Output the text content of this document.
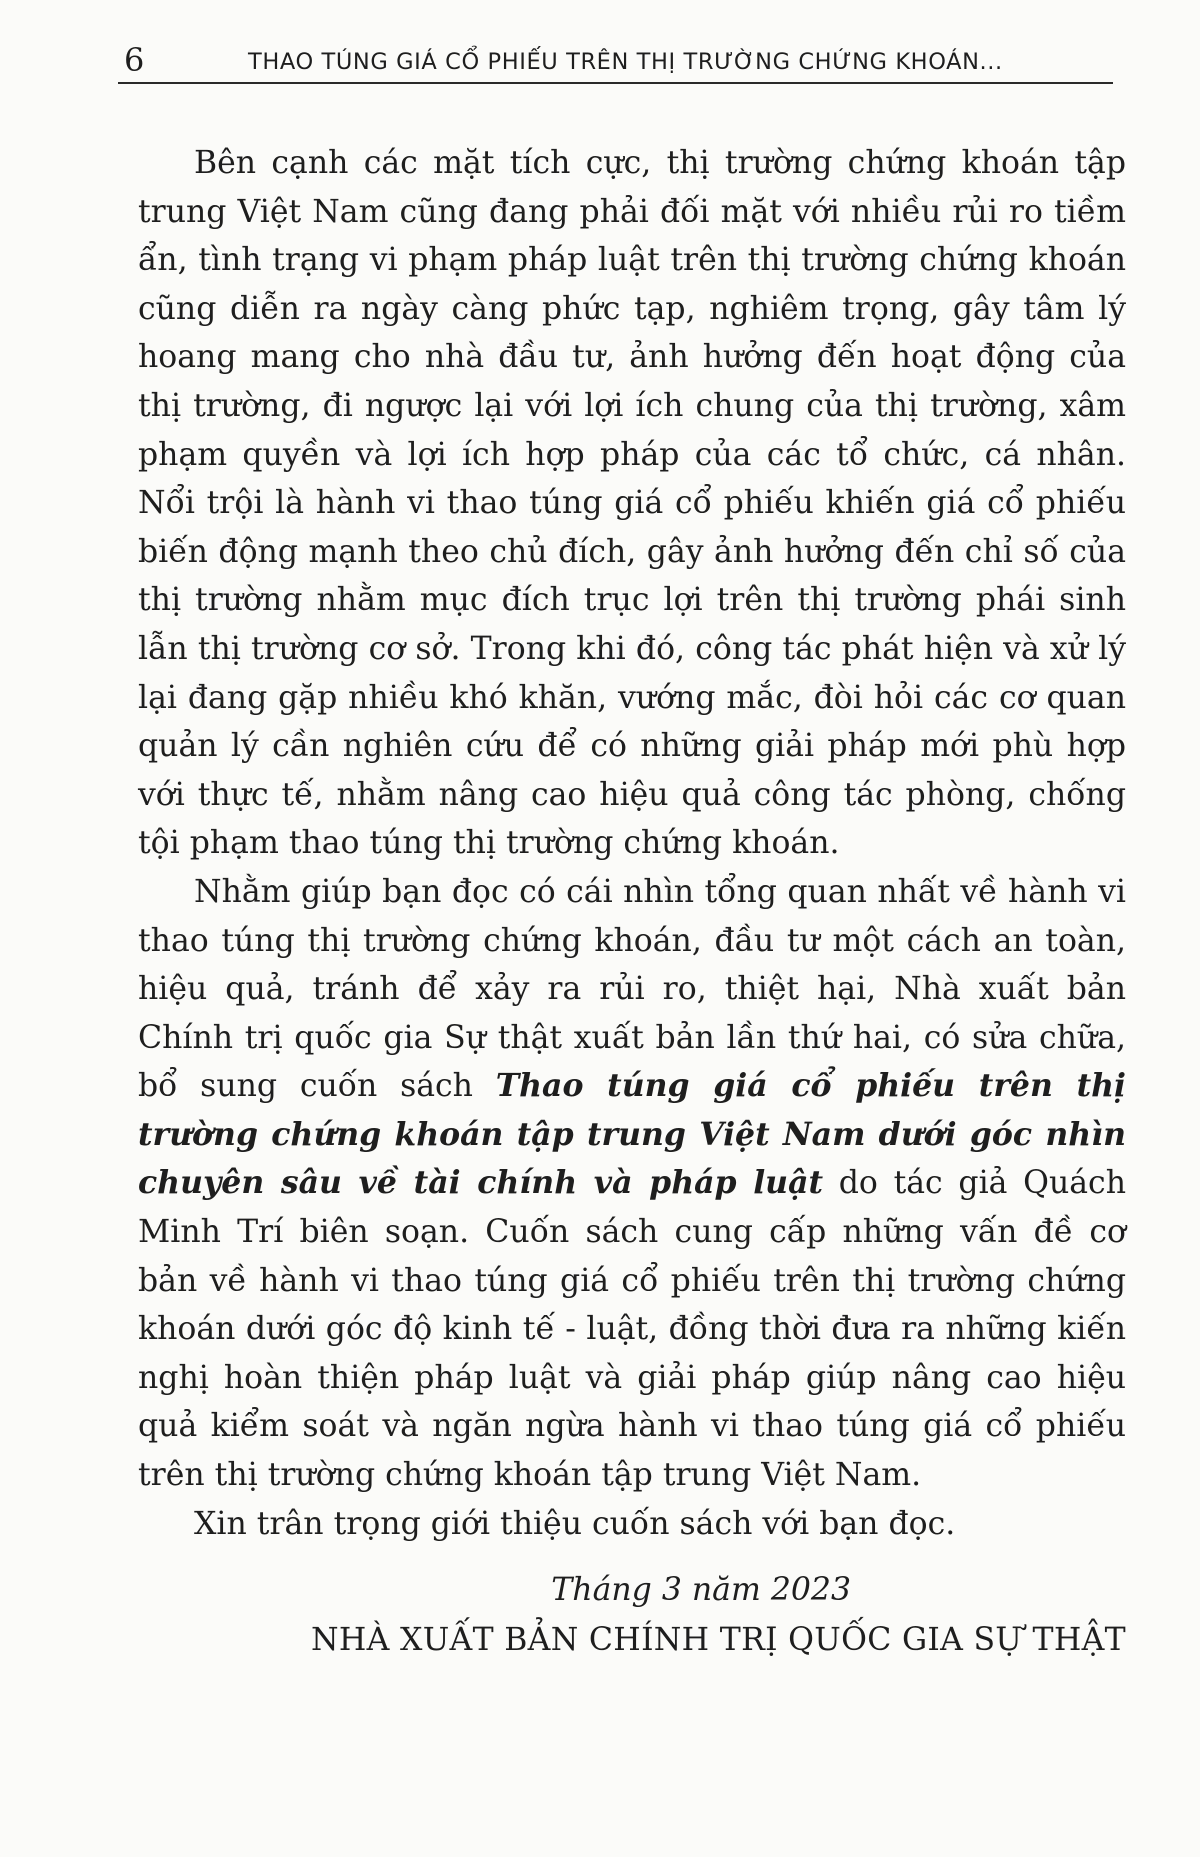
6	THAO TÚNG GIÁ CỔ PHIẾU TRÊN THỊ TRƯỜNG CHỨNG KHOÁN...

Bên cạnh các mặt tích cực, thị trường chứng khoán tập trung Việt Nam cũng đang phải đối mặt với nhiều rủi ro tiềm ẩn, tình trạng vi phạm pháp luật trên thị trường chứng khoán cũng diễn ra ngày càng phức tạp, nghiêm trọng, gây tâm lý hoang mang cho nhà đầu tư, ảnh hưởng đến hoạt động của thị trường, đi ngược lại với lợi ích chung của thị trường, xâm phạm quyền và lợi ích hợp pháp của các tổ chức, cá nhân. Nổi trội là hành vi thao túng giá cổ phiếu khiến giá cổ phiếu biến động mạnh theo chủ đích, gây ảnh hưởng đến chỉ số của thị trường nhằm mục đích trục lợi trên thị trường phái sinh lẫn thị trường cơ sở. Trong khi đó, công tác phát hiện và xử lý lại đang gặp nhiều khó khăn, vướng mắc, đòi hỏi các cơ quan quản lý cần nghiên cứu để có những giải pháp mới phù hợp với thực tế, nhằm nâng cao hiệu quả công tác phòng, chống tội phạm thao túng thị trường chứng khoán.

Nhằm giúp bạn đọc có cái nhìn tổng quan nhất về hành vi thao túng thị trường chứng khoán, đầu tư một cách an toàn, hiệu quả, tránh để xảy ra rủi ro, thiệt hại, Nhà xuất bản Chính trị quốc gia Sự thật xuất bản lần thứ hai, có sửa chữa, bổ sung cuốn sách Thao túng giá cổ phiếu trên thị trường chứng khoán tập trung Việt Nam dưới góc nhìn chuyên sâu về tài chính và pháp luật do tác giả Quách Minh Trí biên soạn. Cuốn sách cung cấp những vấn đề cơ bản về hành vi thao túng giá cổ phiếu trên thị trường chứng khoán dưới góc độ kinh tế - luật, đồng thời đưa ra những kiến nghị hoàn thiện pháp luật và giải pháp giúp nâng cao hiệu quả kiểm soát và ngăn ngừa hành vi thao túng giá cổ phiếu trên thị trường chứng khoán tập trung Việt Nam.

Xin trân trọng giới thiệu cuốn sách với bạn đọc.

Tháng 3 năm 2023
NHÀ XUẤT BẢN CHÍNH TRỊ QUỐC GIA SỰ THẬT
